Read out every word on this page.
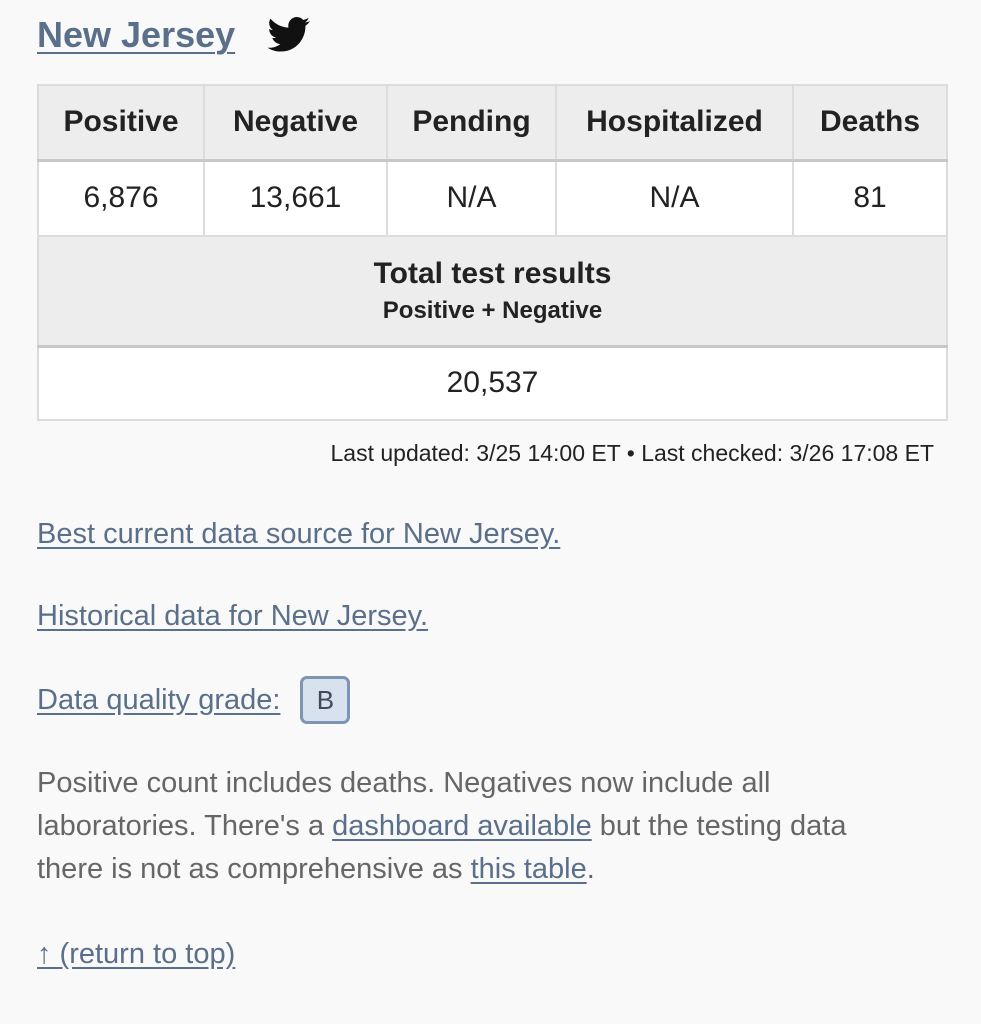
New Jersey
Positive	Negative	Pending	Hospitalized	Deaths
6,876	13,661	N/A	N/A	81

Total test results
Positive + Negative				

20,537				
Last updated: 3/25 14:00 ET • Last checked: 3/26 17:08 ET
Best current data source for New Jersey.
Historical data for New Jersey.
Data quality grade:	B

Positive count includes deaths. Negatives now include all laboratories. There's a dashboard available but the testing data there is not as comprehensive as this table.

↑ (return to top)
